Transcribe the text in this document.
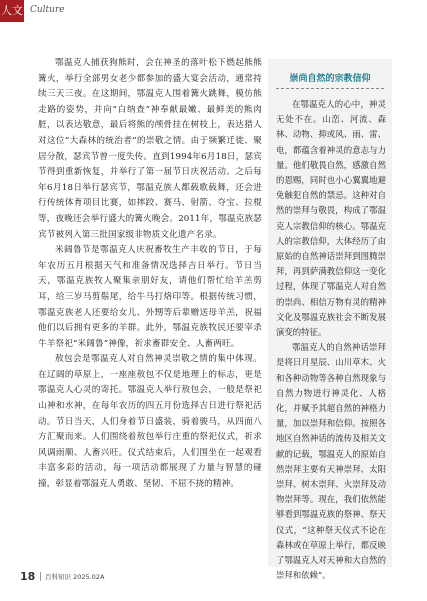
人文 Culture

鄂温克人捕获狗熊时，会在神圣的落叶松下燃起熊熊篝火，举行全部男女老少都参加的盛大宴会活动，通常持续三天三夜。在这期间，鄂温克人围着篝火跳舞，模仿熊走路的姿势，并向“白纳查”神奉献最嫩、最鲜美的熊肉脏，以表达敬意，最后将熊的颅骨挂在树枝上，表达猎人对这位“大森林的统治者”的崇敬之情。由于频繁迁徙、聚居分散，瑟宾节曾一度失传。直到1994年6月18日，瑟宾节得到重新恢复，并举行了第一届节日庆祝活动。之后每年6月18日举行瑟宾节，鄂温克族人都载歌载舞，还会进行传统体育项目比赛，如摔跤、赛马、射箭、夺宝、拉棍等，夜晚还会举行盛大的篝火晚会。2011年，鄂温克族瑟宾节被列入第三批国家级非物质文化遗产名录。

米阔鲁节是鄂温克人庆祝畜牧生产丰收的节日，于每年农历五月根据天气和准备情况选择吉日举行。节日当天，鄂温克族牧人聚集亲朋好友，请他们帮忙给羊羔剪耳，给三岁马剪鬃尾，给牛马打烙印等。根据传统习惯，鄂温克族老人还要给女儿、外甥等后辈赠送母羊羔，祝福他们以后拥有更多的羊群。此外，鄂温克族牧民还要宰杀牛羊祭祀“米阔鲁”神像，祈求畜群安全、人畜两旺。

敖包会是鄂温克人对自然神灵崇敬之情的集中体现。在辽阔的草原上，一座座敖包不仅是地理上的标志，更是鄂温克人心灵的寄托。鄂温克人举行敖包会，一般是祭祀山神和水神，在每年农历的四五月份选择吉日进行祭祀活动。节日当天，人们身着节日盛装，骑着骏马，从四面八方汇聚而来。人们围绕着敖包举行庄重的祭祀仪式，祈求风调雨顺、人畜兴旺。仪式结束后，人们围坐在一起观看丰富多彩的活动，每一项活动都展现了力量与智慧的碰撞，彰显着鄂温克人勇敢、坚韧、不屈不挠的精神。

崇尚自然的宗教信仰

在鄂温克人的心中，神灵无处不在。山峦、河流、森林、动物、抑或风、雨、雷、电，都蕴含着神灵的意志与力量。他们敬畏自然，感激自然的恩赐，同时也小心翼翼地避免触犯自然的禁忌。这种对自然的崇拜与敬畏，构成了鄂温克人宗教信仰的核心。鄂温克人的宗教信仰，大体经历了由原始的自然神话崇拜到图腾崇拜，再到萨满教信仰这一变化过程，体现了鄂温克人对自然的崇尚、相信万物有灵的精神文化及鄂温克族社会不断发展演变的特征。

鄂温克人的自然神话崇拜是将日月星辰、山川草木、火和各种动物等各种自然现象与自然力物进行神灵化、人格化，并赋予其超自然的神格力量，加以崇拜和信仰。按照各地区自然神话的流传及相关文献的记载，鄂温克人的原始自然崇拜主要有天神崇拜、太阳崇拜、树木崇拜、火崇拜及动物崇拜等。现在，我们依然能够看到鄂温克族的祭神、祭天仪式，“这种祭天仪式不论在森林或在草原上举行，都反映了鄂温克人对天神和大自然的崇拜和依赖”。

18 百科知识 2025.02A
